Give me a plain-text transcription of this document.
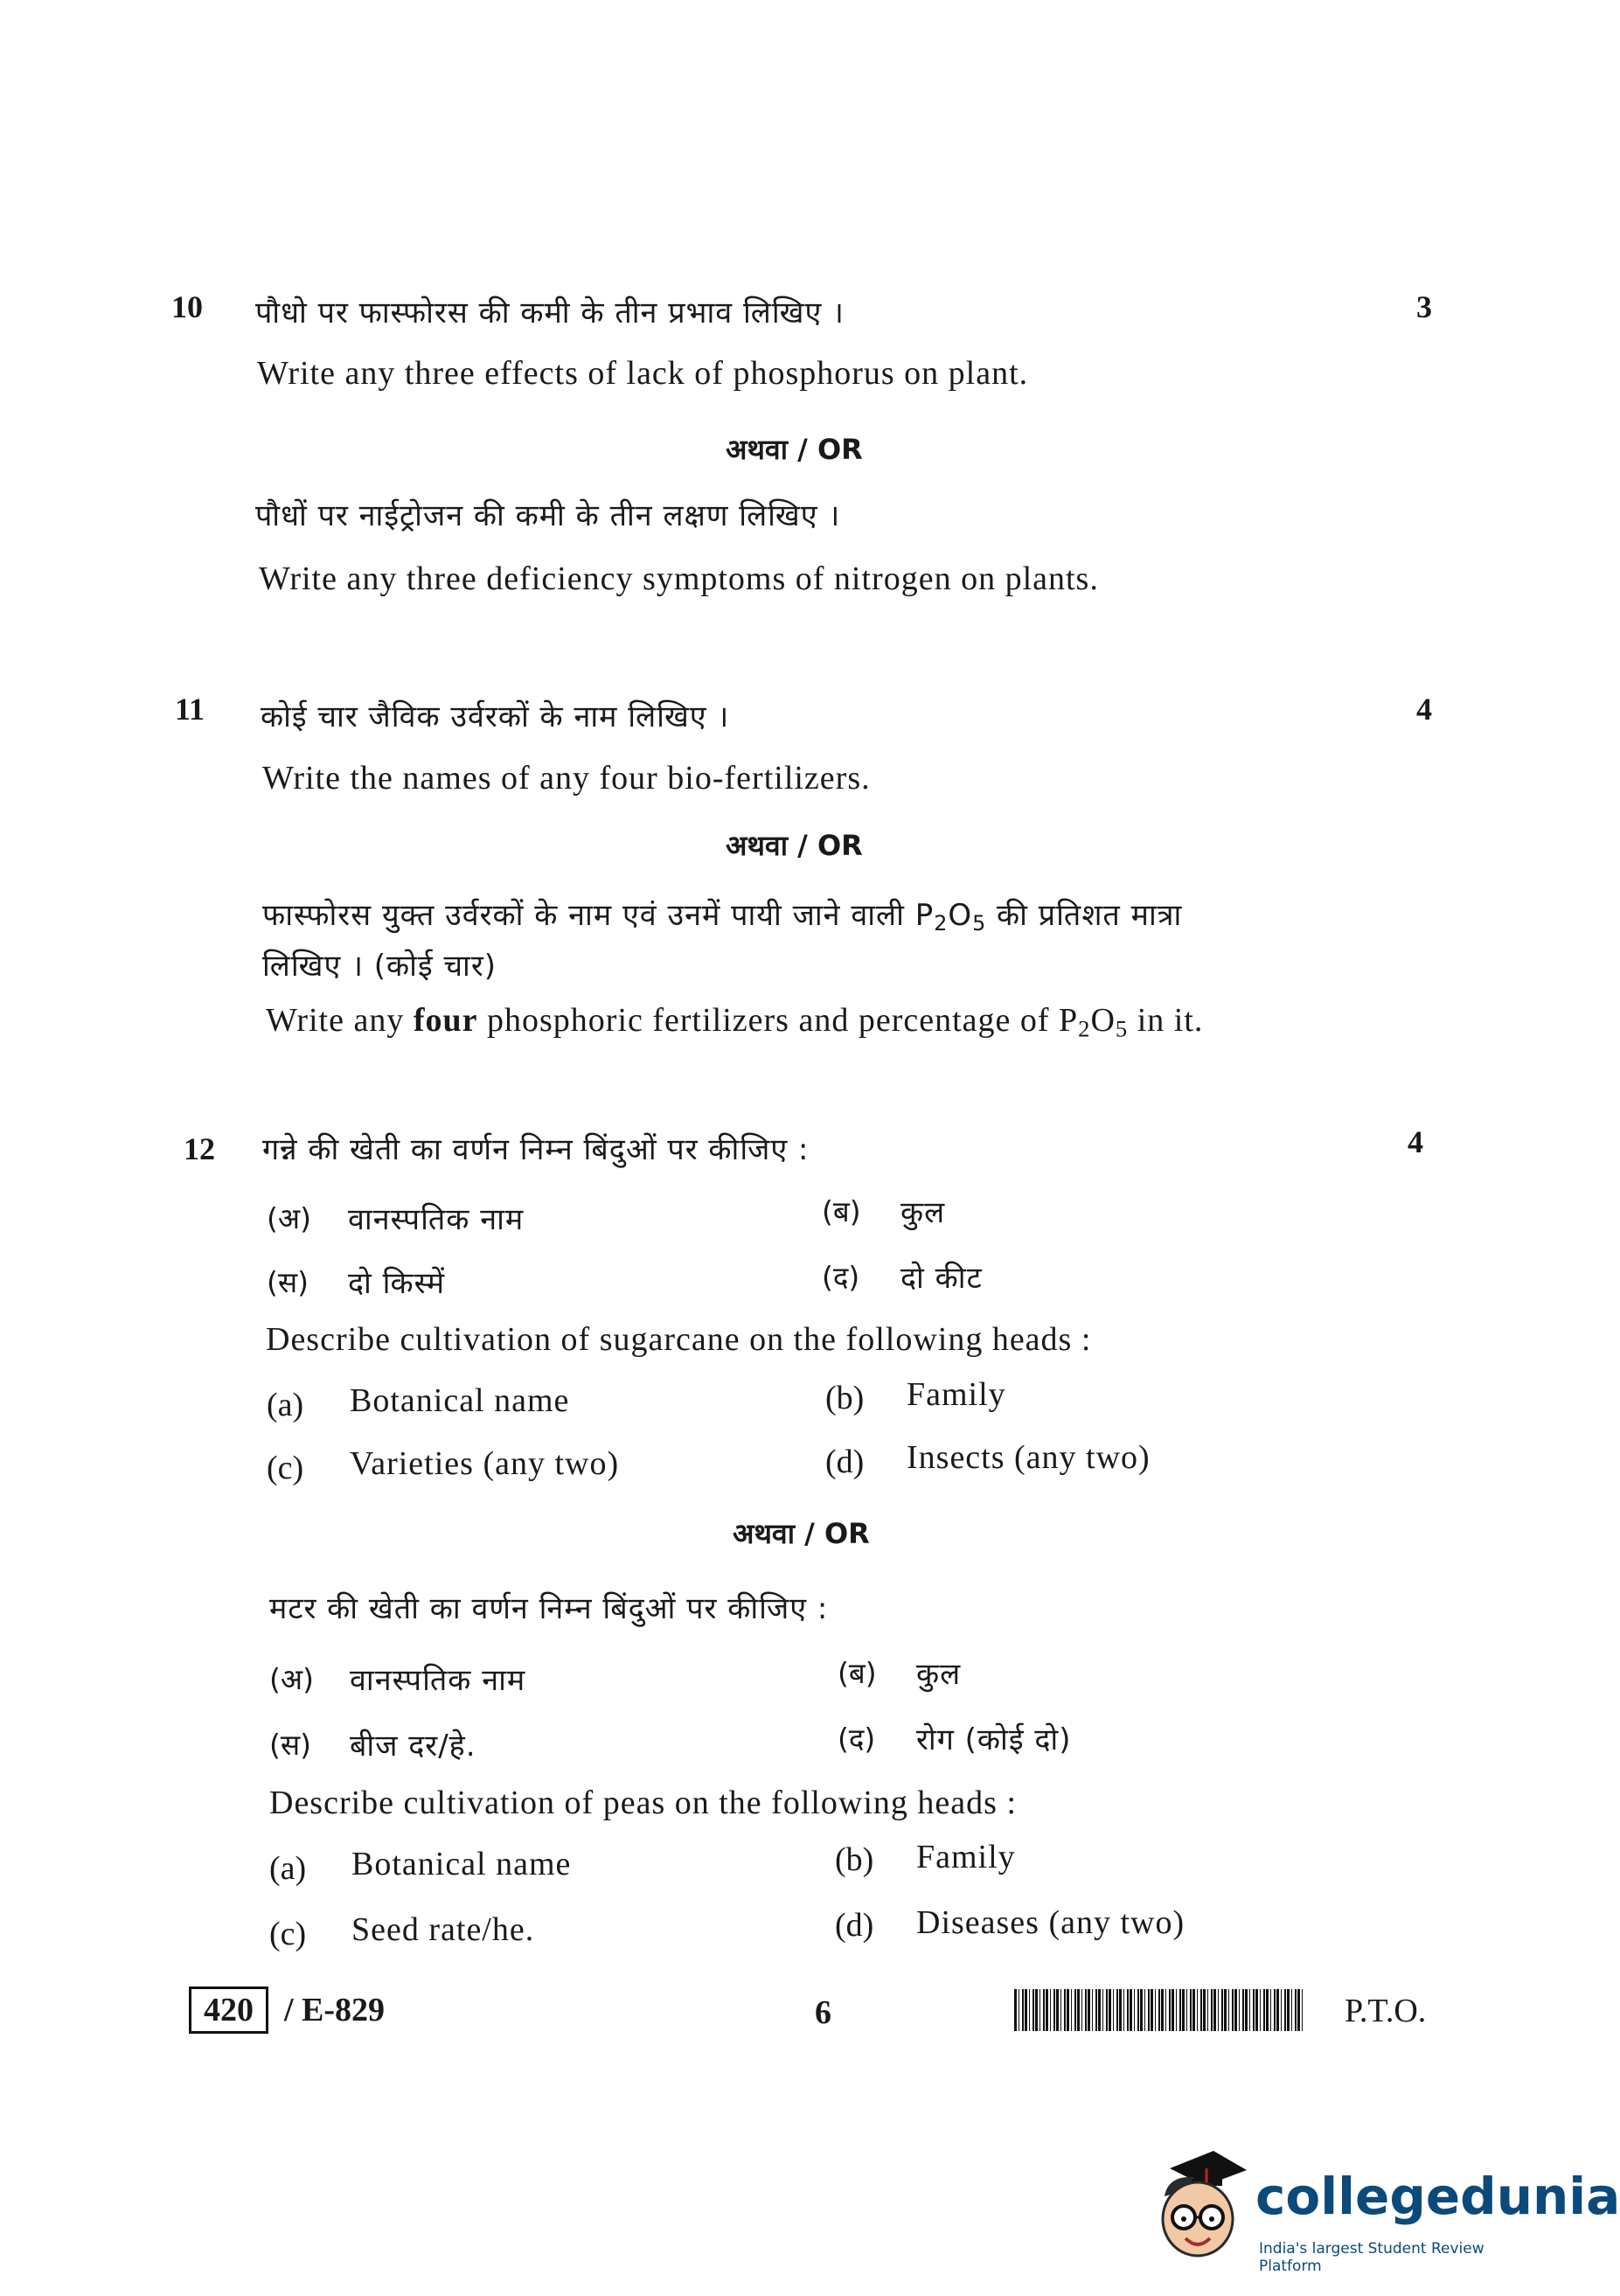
10	3
पौधो पर फास्फोरस की कमी के तीन प्रभाव लिखिए ।
Write any three effects of lack of phosphorus on plant.
अथवा / OR
पौधों पर नाईट्रोजन की कमी के तीन लक्षण लिखिए ।
Write any three deficiency symptoms of nitrogen on plants.
11	4
कोई चार जैविक उर्वरकों के नाम लिखिए ।
Write the names of any four bio-fertilizers.
अथवा / OR
फास्फोरस युक्त उर्वरकों के नाम एवं उनमें पायी जाने वाली $P_2O_5$ की प्रतिशत मात्रा
लिखिए । (कोई चार)
Write any four phosphoric fertilizers and percentage of $P_2O_5$ in it.
12	4
गन्ने की खेती का वर्णन निम्न बिंदुओं पर कीजिए :
(अ) वानस्पतिक नाम	(ब) कुल
(स) दो किस्में	(द) दो कीट
Describe cultivation of sugarcane on the following heads :
(a) Botanical name	(b) Family
(c) Varieties (any two)	(d) Insects (any two)
अथवा / OR
मटर की खेती का वर्णन निम्न बिंदुओं पर कीजिए :
(अ) वानस्पतिक नाम	(ब) कुल
(स) बीज दर/हे.	(द) रोग (कोई दो)
Describe cultivation of peas on the following heads :
(a) Botanical name	(b) Family
(c) Seed rate/he.	(d) Diseases (any two)
420 / E-829	6	P.T.O.
collegedunia
India's largest Student Review Platform
